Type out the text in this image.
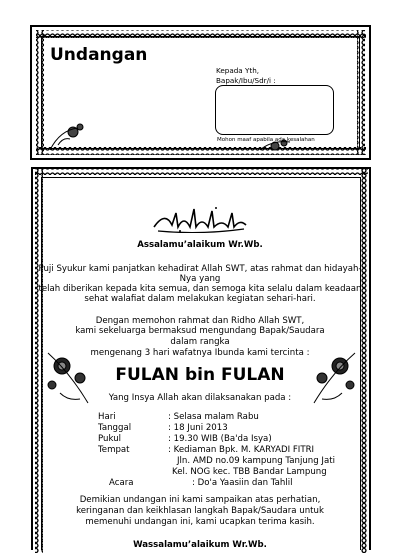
Undangan
Kepada Yth,
Bapak/Ibu/Sdr/i :
Mohon maaf apabila ada kesalahan
Assalamu’alaikum Wr.Wb.
Puji Syukur kami panjatkan kehadirat Allah SWT, atas rahmat dan hidayah-
Nya yang
telah diberikan kepada kita semua, dan semoga kita selalu dalam keadaan
sehat walafiat dalam melakukan kegiatan sehari-hari.
Dengan memohon rahmat dan Ridho Allah SWT,
kami sekeluarga bermaksud mengundang Bapak/Saudara
dalam rangka
mengenang 3 hari wafatnya Ibunda kami tercinta :
FULAN bin FULAN
Yang Insya Allah akan dilaksanakan pada :
Hari	: Selasa malam Rabu
Tanggal	: 18 Juni 2013
Pukul	: 19.30 WIB (Ba'da Isya)
Tempat	: Kediaman Bpk. M. KARYADI FITRI
Jln. AMD no.09 kampung Tanjung Jati
Kel. NOG kec. TBB Bandar Lampung
Acara	: Do'a Yaasiin dan Tahlil
Demikian undangan ini kami sampaikan atas perhatian,
keringanan dan keikhlasan langkah Bapak/Saudara untuk
memenuhi undangan ini, kami ucapkan terima kasih.
Wassalamu’alaikum Wr.Wb.
